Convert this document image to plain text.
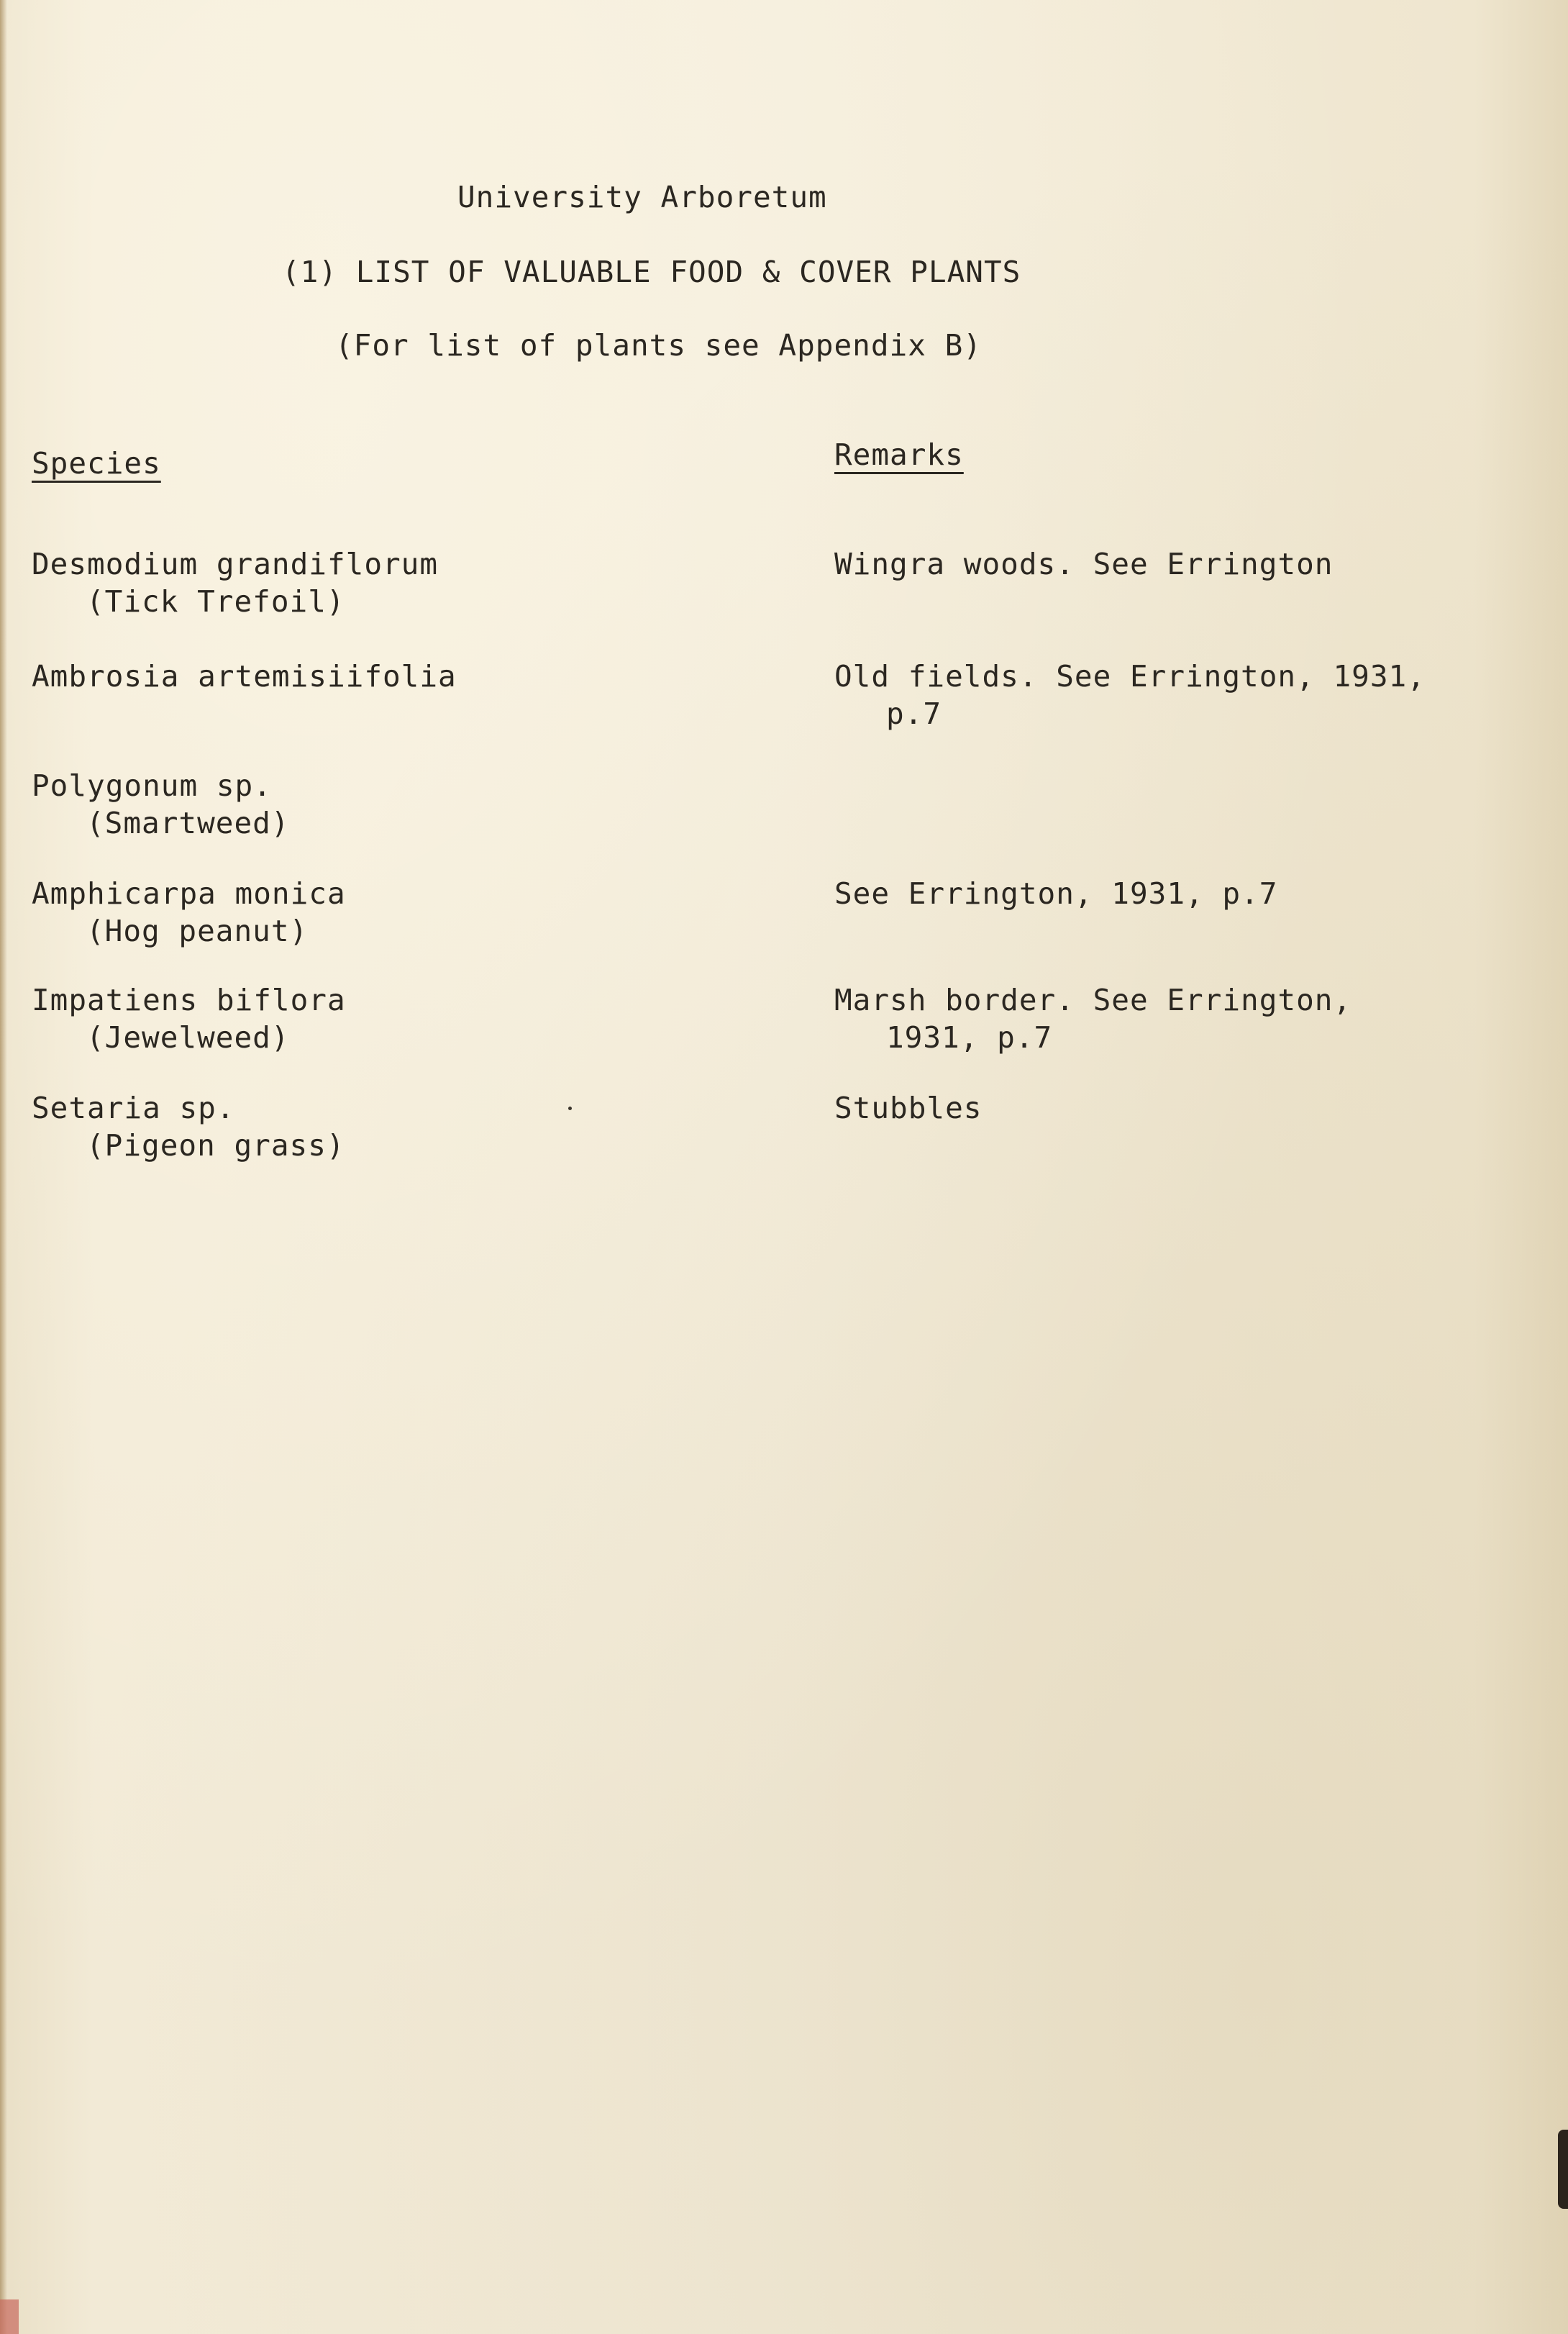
University Arboretum
(1) LIST OF VALUABLE FOOD & COVER PLANTS
(For list of plants see Appendix B)
Species	Remarks
Desmodium grandiflorum
(Tick Trefoil)
Wingra woods. See Errington
Ambrosia artemisiifolia	Old fields. See Errington, 1931,
p.7
Polygonum sp.
(Smartweed)
Amphicarpa monica
(Hog peanut)
See Errington, 1931, p.7
Impatiens biflora
(Jewelweed)
Marsh border. See Errington,
1931, p.7
Setaria sp.
(Pigeon grass)
Stubbles
